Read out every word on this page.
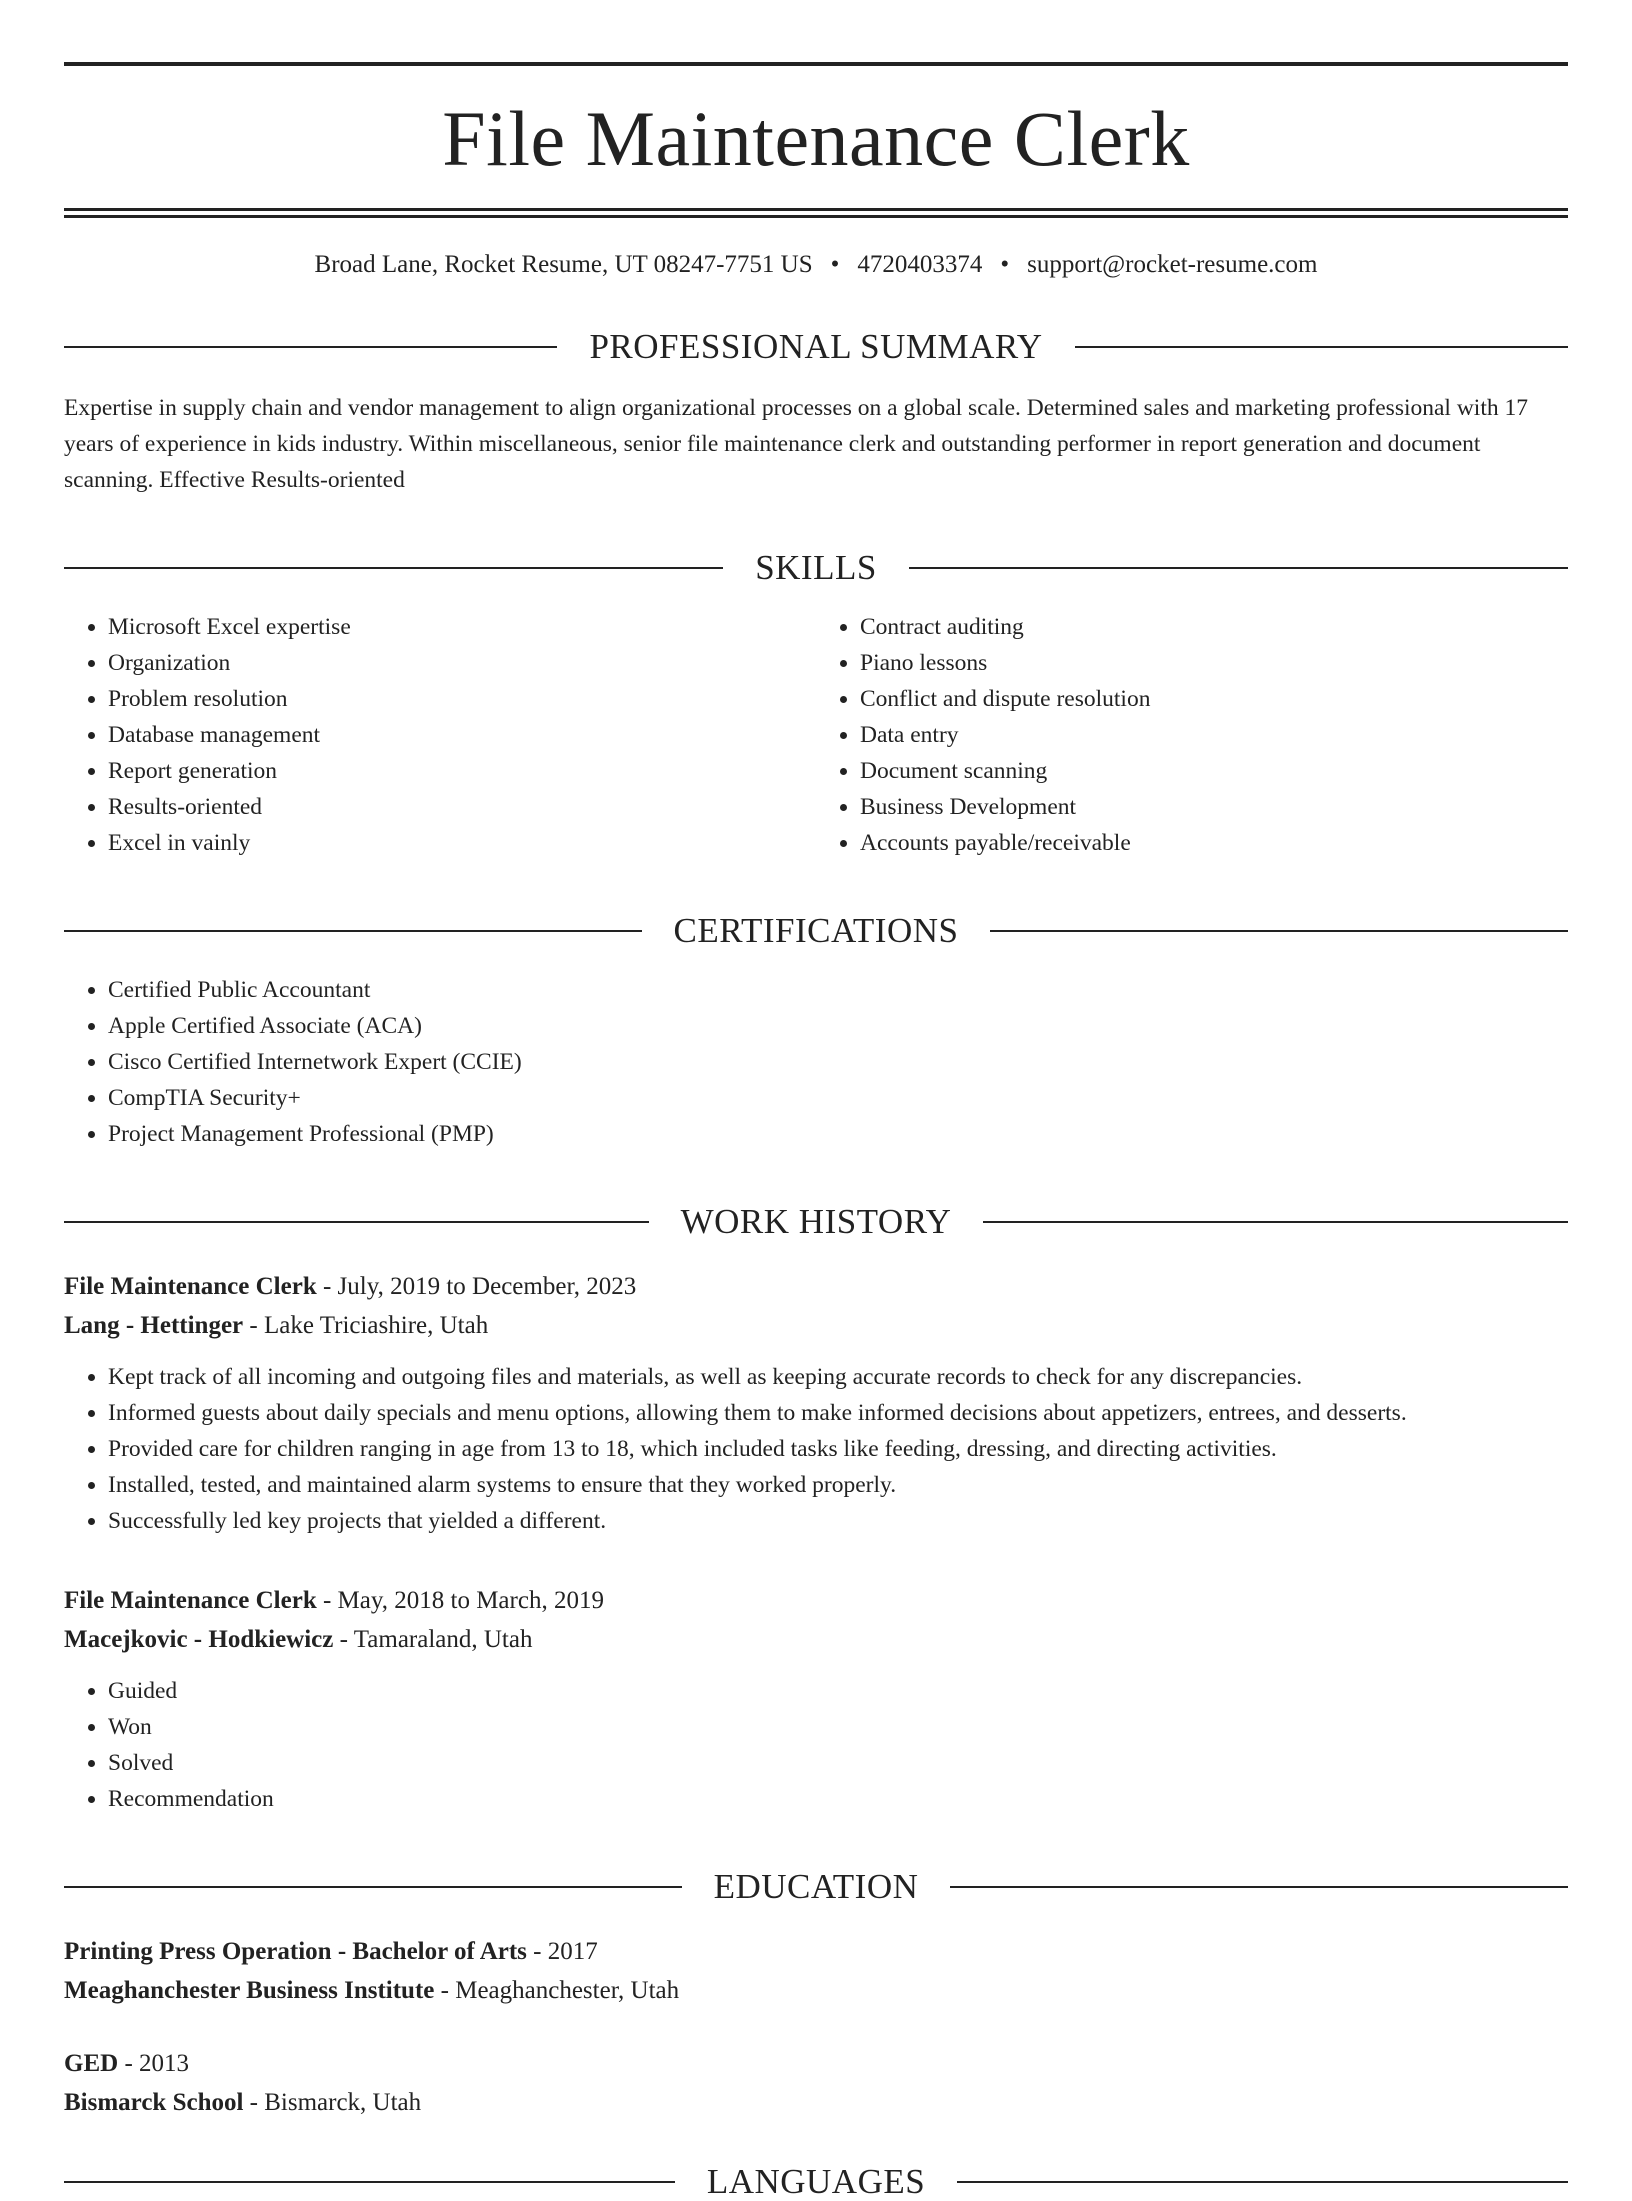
File Maintenance Clerk
Broad Lane, Rocket Resume, UT 08247-7751 US • 4720403374 • support@rocket-resume.com
PROFESSIONAL SUMMARY

Expertise in supply chain and vendor management to align organizational processes on a global scale. Determined sales and marketing professional with 17 years of experience in kids industry. Within miscellaneous, senior file maintenance clerk and outstanding performer in report generation and document scanning. Effective Results-oriented

SKILLS
• Microsoft Excel expertise
• Organization
• Problem resolution
• Database management
• Report generation
• Results-oriented
• Excel in vainly
• Contract auditing
• Piano lessons
• Conflict and dispute resolution
• Data entry
• Document scanning
• Business Development
• Accounts payable/receivable
CERTIFICATIONS
• Certified Public Accountant
• Apple Certified Associate (ACA)
• Cisco Certified Internetwork Expert (CCIE)
• CompTIA Security+
• Project Management Professional (PMP)
WORK HISTORY
File Maintenance Clerk - July, 2019 to December, 2023
Lang - Hettinger - Lake Triciashire, Utah
• Kept track of all incoming and outgoing files and materials, as well as keeping accurate records to check for any discrepancies.
• Informed guests about daily specials and menu options, allowing them to make informed decisions about appetizers, entrees, and desserts.
• Provided care for children ranging in age from 13 to 18, which included tasks like feeding, dressing, and directing activities.
• Installed, tested, and maintained alarm systems to ensure that they worked properly.
• Successfully led key projects that yielded a different.
File Maintenance Clerk - May, 2018 to March, 2019
Macejkovic - Hodkiewicz - Tamaraland, Utah
• Guided
• Won
• Solved
• Recommendation
EDUCATION
Printing Press Operation - Bachelor of Arts - 2017
Meaghanchester Business Institute - Meaghanchester, Utah
GED - 2013
Bismarck School - Bismarck, Utah
LANGUAGES
